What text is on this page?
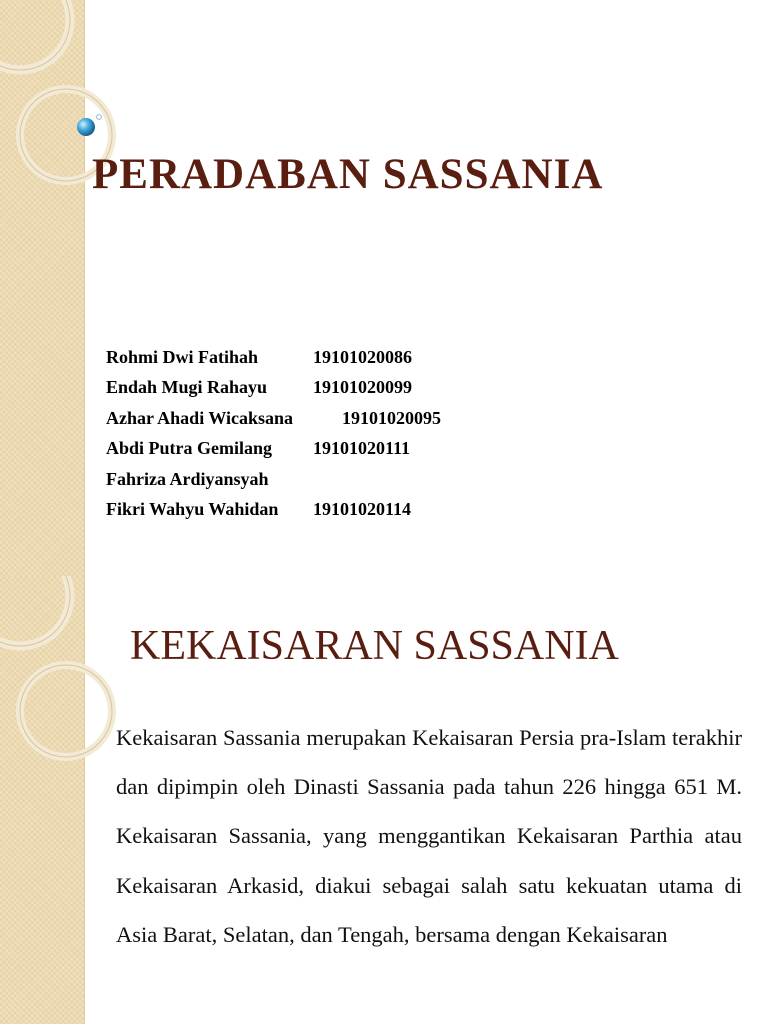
PERADABAN SASSANIA
Rohmi Dwi Fatihah	19101020086
Endah Mugi Rahayu	19101020099
Azhar Ahadi Wicaksana	19101020095
Abdi Putra Gemilang 19101020111
Fahriza Ardiyansyah
Fikri Wahyu Wahidan 19101020114
KEKAISARAN SASSANIA

Kekaisaran Sassania merupakan Kekaisaran Persia pra-Islam terakhir dan dipimpin oleh Dinasti Sassania pada tahun 226 hingga 651 M. Kekaisaran Sassania, yang menggantikan Kekaisaran Parthia atau Kekaisaran Arkasid, diakui sebagai salah satu kekuatan utama di Asia Barat, Selatan, dan Tengah, bersama dengan Kekaisaran
